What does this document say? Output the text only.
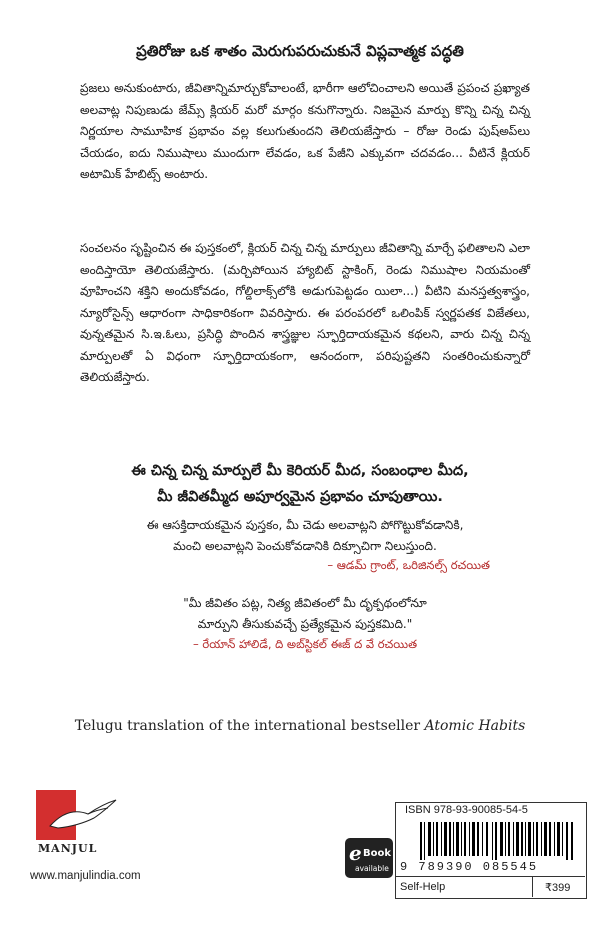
ప్రతిరోజు ఒక శాతం మెరుగుపరుచుకునే విప్లవాత్మక పద్ధతి
ప్రజలు అనుకుంటారు, జీవితాన్నిమార్చుకోవాలంటే, భారీగా ఆలోచించాలని అయితే ప్రపంచ ప్రఖ్యాత అలవాట్ల నిపుణుడు జేమ్స్ క్లియర్ మరో మార్గం కనుగొన్నారు. నిజమైన మార్పు కొన్ని చిన్న చిన్న నిర్ణయాల సామూహిక ప్రభావం వల్ల కలుగుతుందని తెలియజేస్తారు – రోజు రెండు పుష్అప్‌లు చేయడం, ఐదు నిముషాలు ముందుగా లేవడం, ఒక పేజీని ఎక్కువగా చదవడం... వీటినే క్లియర్ అటామిక్ హేబిట్స్ అంటారు.
సంచలనం సృష్టించిన ఈ పుస్తకంలో, క్లియర్ చిన్న చిన్న మార్పులు జీవితాన్ని మార్చే ఫలితాలని ఎలా అందిస్తాయో తెలియజేస్తారు. (మర్చిపోయిన హ్యాబిట్ స్టాకింగ్, రెండు నిముషాల నియమంతో వూహించని శక్తిని అందుకోవడం, గోల్డిలాక్స్‌లోకి అడుగుపెట్టడం యిలా...) వీటిని మనస్తత్వశాస్త్రం, న్యూరోసైన్స్ ఆధారంగా సాధికారికంగా వివరిస్తారు. ఈ పరంపరలో ఒలింపిక్ స్వర్ణపతక విజేతలు, వున్నతమైన సి.ఇ.ఓలు, ప్రసిద్ధి పొందిన శాస్త్రజ్ఞుల స్ఫూర్తిదాయకమైన కథలని, వారు చిన్న చిన్న మార్పులతో ఏ విధంగా స్ఫూర్తిదాయకంగా, ఆనందంగా, పరిపుష్టతని సంతరించుకున్నారో తెలియజేస్తారు.
ఈ చిన్న చిన్న మార్పులే మీ కెరియర్ మీద, సంబంధాల మీద,
మీ జీవితమ్మీద అపూర్వమైన ప్రభావం చూపుతాయి.
ఈ ఆసక్తిదాయకమైన పుస్తకం, మీ చెడు అలవాట్లని పోగొట్టుకోవడానికి,
మంచి అలవాట్లని పెంచుకోవడానికి దిక్సూచిగా నిలుస్తుంది.
– ఆడమ్ గ్రాంట్, ఒరిజినల్స్ రచయిత
"మీ జీవితం పట్ల, నిత్య జీవితంలో మీ దృక్పథంలోనూ
మార్పుని తీసుకువచ్చే ప్రత్యేకమైన పుస్తకమిది."
– రేయాన్ హాలిడే, ది అబ్‌స్టికల్ ఈజ్ ద వే రచయిత
Telugu translation of the international bestseller Atomic Habits
MANJUL
www.manjulindia.com
e Book
available
ISBN 978-93-90085-54-5
9 789390 085545
Self-Help	₹399
